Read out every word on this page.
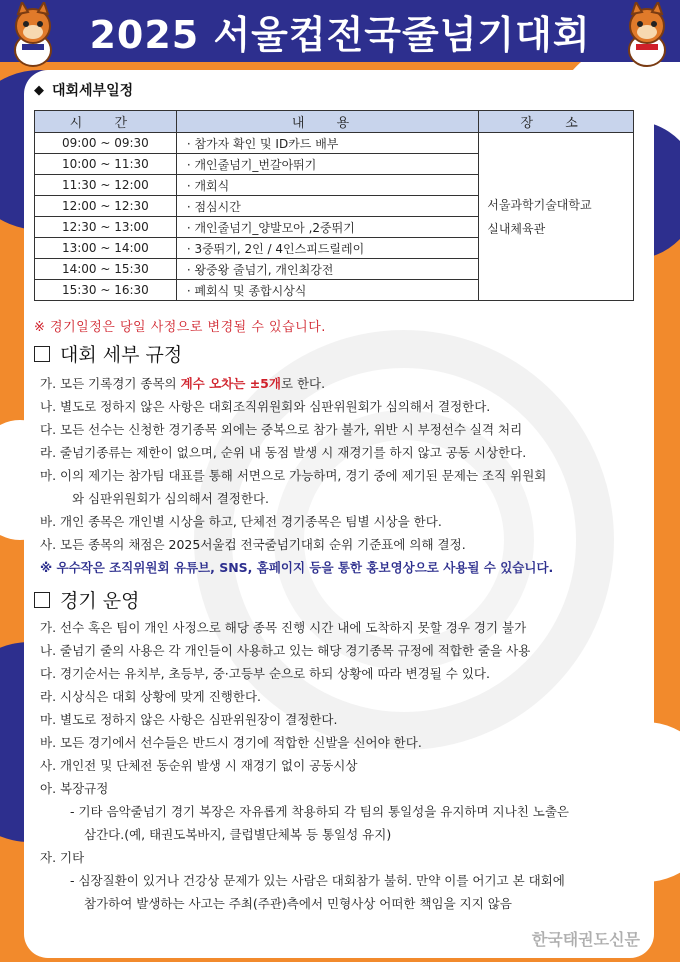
2025 서울컵전국줄넘기대회
◆ 대회세부일정
시 간	내 용	장 소
09:00 ~ 09:30	· 참가자 확인 및 ID카드 배부	서울과학기술대학교
실내체육관

10:00 ~ 11:30	· 개인줄넘기_번갈아뛰기	
11:30 ~ 12:00	· 개회식	
12:00 ~ 12:30	· 점심시간	
12:30 ~ 13:00	· 개인줄넘기_양발모아 ,2중뛰기	
13:00 ~ 14:00	· 3중뛰기, 2인 / 4인스피드릴레이	
14:00 ~ 15:30	· 왕중왕 줄넘기, 개인최강전	
15:30 ~ 16:30	· 폐회식 및 종합시상식	
※ 경기일정은 당일 사정으로 변경될 수 있습니다.
대회 세부 규정
가. 모든 기록경기 종목의 계수 오차는 ±5개로 한다.
나. 별도로 정하지 않은 사항은 대회조직위원회와 심판위원회가 심의해서 결정한다.
다. 모든 선수는 신청한 경기종목 외에는 중복으로 참가 불가, 위반 시 부정선수 실격 처리
라. 줄넘기종류는 제한이 없으며, 순위 내 동점 발생 시 재경기를 하지 않고 공동 시상한다.
마. 이의 제기는 참가팀 대표를 통해 서면으로 가능하며, 경기 중에 제기된 문제는 조직 위원회
와 심판위원회가 심의해서 결정한다.
바. 개인 종목은 개인별 시상을 하고, 단체전 경기종목은 팀별 시상을 한다.
사. 모든 종목의 채점은 2025서울컵 전국줄넘기대회 순위 기준표에 의해 결정.
※ 우수작은 조직위원회 유튜브, SNS, 홈페이지 등을 통한 홍보영상으로 사용될 수 있습니다.
경기 운영
가. 선수 혹은 팀이 개인 사정으로 해당 종목 진행 시간 내에 도착하지 못할 경우 경기 불가
나. 줄넘기 줄의 사용은 각 개인들이 사용하고 있는 해당 경기종목 규정에 적합한 줄을 사용
다. 경기순서는 유치부, 초등부, 중·고등부 순으로 하되 상황에 따라 변경될 수 있다.
라. 시상식은 대회 상황에 맞게 진행한다.
마. 별도로 정하지 않은 사항은 심판위원장이 결정한다.
바. 모든 경기에서 선수들은 반드시 경기에 적합한 신발을 신어야 한다.
사. 개인전 및 단체전 동순위 발생 시 재경기 없이 공동시상
아. 복장규정
- 기타 음악줄넘기 경기 복장은 자유롭게 착용하되 각 팀의 통일성을 유지하며 지나친 노출은
삼간다.(예, 태권도복바지, 클럽별단체복 등 통일성 유지)
자. 기타
- 심장질환이 있거나 건강상 문제가 있는 사람은 대회참가 불허. 만약 이를 어기고 본 대회에
참가하여 발생하는 사고는 주최(주관)측에서 민형사상 어떠한 책임을 지지 않음
한국태권도신문
